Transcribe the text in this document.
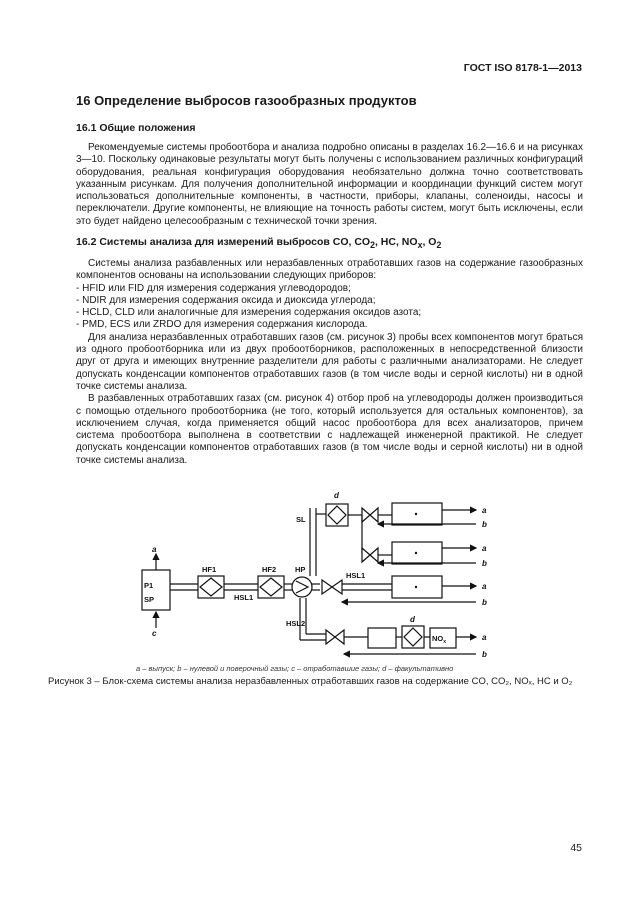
ГОСТ ISO 8178-1—2013
16 Определение выбросов газообразных продуктов
16.1 Общие положения

Рекомендуемые системы пробоотбора и анализа подробно описаны в разделах 16.2—16.6 и на рисунках 3—10. Поскольку одинаковые результаты могут быть получены с использованием различных конфигураций оборудования, реальная конфигурация оборудования необязательно должна точно соответствовать указанным рисункам. Для получения дополнительной информации и координации функций систем могут использоваться дополнительные компоненты, в частности, приборы, клапаны, соленоиды, насосы и переключатели. Другие компоненты, не влияющие на точность работы систем, могут быть исключены, если это будет найдено целесообразным с технической точки зрения.

16.2 Системы анализа для измерений выбросов CO, $CO_2$, HC, $NO_x$, $O_2$

Системы анализа разбавленных или неразбавленных отработавших газов на содержание газообразных компонентов основаны на использовании следующих приборов:

- HFID или FID для измерения содержания углеводородов;

- NDIR для измерения содержания оксида и диоксида углерода;

- HCLD, CLD или аналогичные для измерения содержания оксидов азота;

- PMD, ECS или ZRDO для измерения содержания кислорода.

Для анализа неразбавленных отработавших газов (см. рисунок 3) пробы всех компонентов могут браться из одного пробоотборника или из двух пробоотборников, расположенных в непосредственной близости друг от друга и имеющих внутренние разделители для работы с различными анализаторами. Не следует допускать конденсации компонентов отработавших газов (в том числе воды и серной кислоты) ни в одной точке системы анализа.

В разбавленных отработавших газах (см. рисунок 4) отбор проб на углеводороды должен производиться с помощью отдельного пробоотборника (не того, который используется для остальных компонентов), за исключением случая, когда применяется общий насос пробоотбора для всех анализаторов, причем система пробоотбора выполнена в соответствии с надлежащей инженерной практикой. Не следует допускать конденсации компонентов отработавших газов (в том числе воды и серной кислоты) ни в одной точке системы анализа.

P1
SP
HF1	HF2	HP
HSL1
HSL1
HSL2
SL
$NO_x$
d
d
a
c
a
b
a
b
a
b
a
b
a – выпуск; b – нулевой и поверочный газы; c – отработавшие газы; d – факультативно
Рисунок 3 – Блок-схема системы анализа неразбавленных отработавших газов на содержание CO, CO₂, NOₓ, HC и O₂
45
